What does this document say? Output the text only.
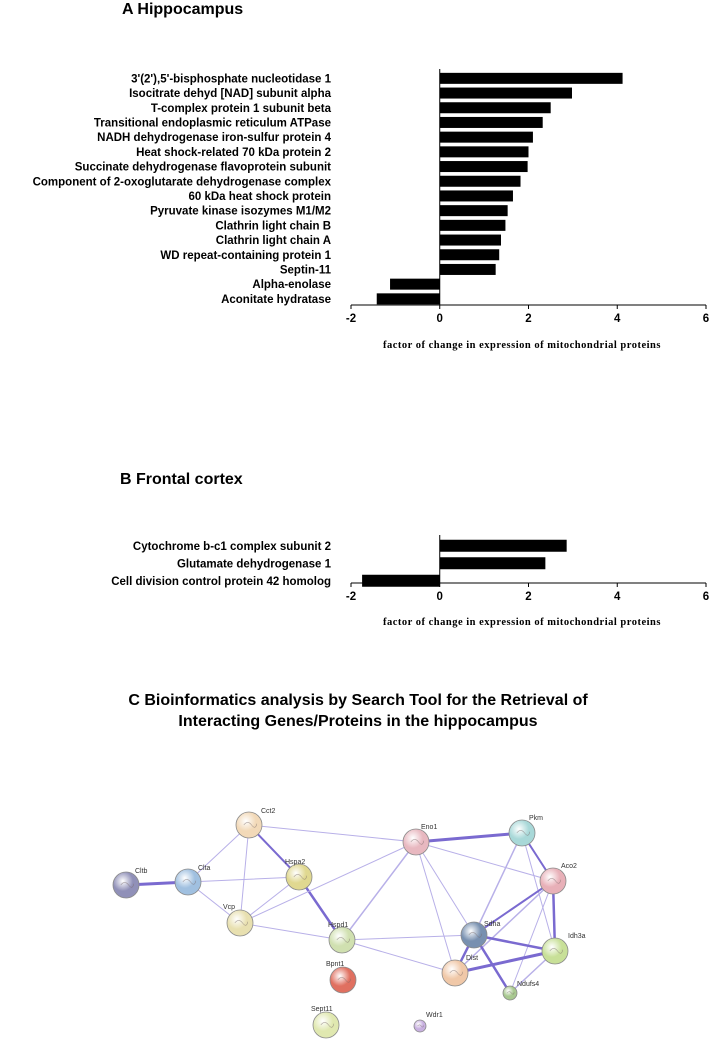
A Hippocampus
3'(2'),5'-bisphosphate nucleotidase 1
Isocitrate dehyd [NAD] subunit alpha
T-complex protein 1 subunit beta
Transitional endoplasmic reticulum ATPase
NADH dehydrogenase iron-sulfur protein 4
Heat shock-related 70 kDa protein 2
Succinate dehydrogenase flavoprotein subunit
Component of 2-oxoglutarate dehydrogenase complex
60 kDa heat shock protein
Pyruvate kinase isozymes M1/M2
Clathrin light chain B
Clathrin light chain A
WD repeat-containing protein 1
Septin-11
Alpha-enolase
Aconitate hydratase
-2	0	2	4	6
factor of change in expression of mitochondrial proteins
B Frontal cortex
Cytochrome b-c1 complex subunit 2
Glutamate dehydrogenase 1
Cell division control protein 42 homolog
-2	0	2	4	6
factor of change in expression of mitochondrial proteins
C Bioinformatics analysis by Search Tool for the Retrieval of
Interacting Genes/Proteins in the hippocampus
Cct2
Eno1
Pkm
Cltb	Clta
Hspa2
Aco2
Vcp
Sdha
Idh3a
Hspd1
Dlst
Bpnt1
Ndufs4
Sept11
Wdr1
